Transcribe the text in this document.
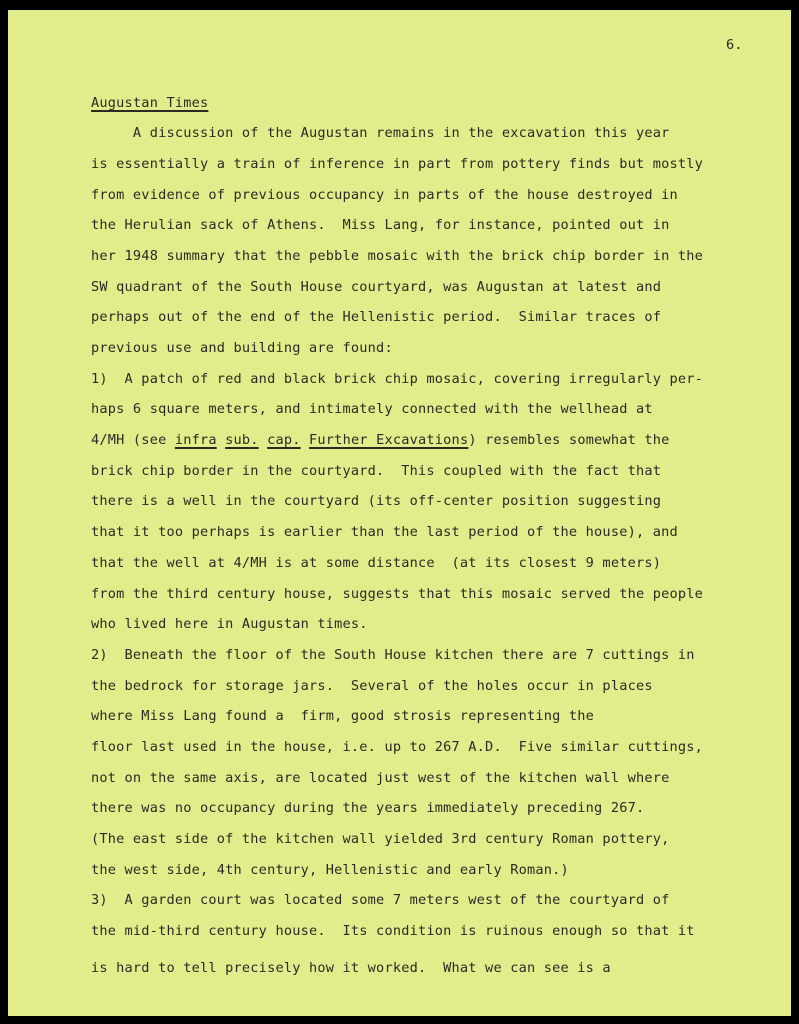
6.
Augustan Times
A discussion of the Augustan remains in the excavation this year
is essentially a train of inference in part from pottery finds but mostly
from evidence of previous occupancy in parts of the house destroyed in
the Herulian sack of Athens.  Miss Lang, for instance, pointed out in
her 1948 summary that the pebble mosaic with the brick chip border in the
SW quadrant of the South House courtyard, was Augustan at latest and
perhaps out of the end of the Hellenistic period.  Similar traces of
previous use and building are found:
1)  A patch of red and black brick chip mosaic, covering irregularly per-
haps 6 square meters, and intimately connected with the wellhead at
4/MH (see infra sub. cap. Further Excavations) resembles somewhat the
brick chip border in the courtyard.  This coupled with the fact that
there is a well in the courtyard (its off-center position suggesting
that it too perhaps is earlier than the last period of the house), and
that the well at 4/MH is at some distance  (at its closest 9 meters)
from the third century house, suggests that this mosaic served the people
who lived here in Augustan times.
2)  Beneath the floor of the South House kitchen there are 7 cuttings in
the bedrock for storage jars.  Several of the holes occur in places
where Miss Lang found a  firm, good strosis representing the
floor last used in the house, i.e. up to 267 A.D.  Five similar cuttings,
not on the same axis, are located just west of the kitchen wall where
there was no occupancy during the years immediately preceding 267.
(The east side of the kitchen wall yielded 3rd century Roman pottery,
the west side, 4th century, Hellenistic and early Roman.)
3)  A garden court was located some 7 meters west of the courtyard of
the mid-third century house.  Its condition is ruinous enough so that it
is hard to tell precisely how it worked.  What we can see is a
